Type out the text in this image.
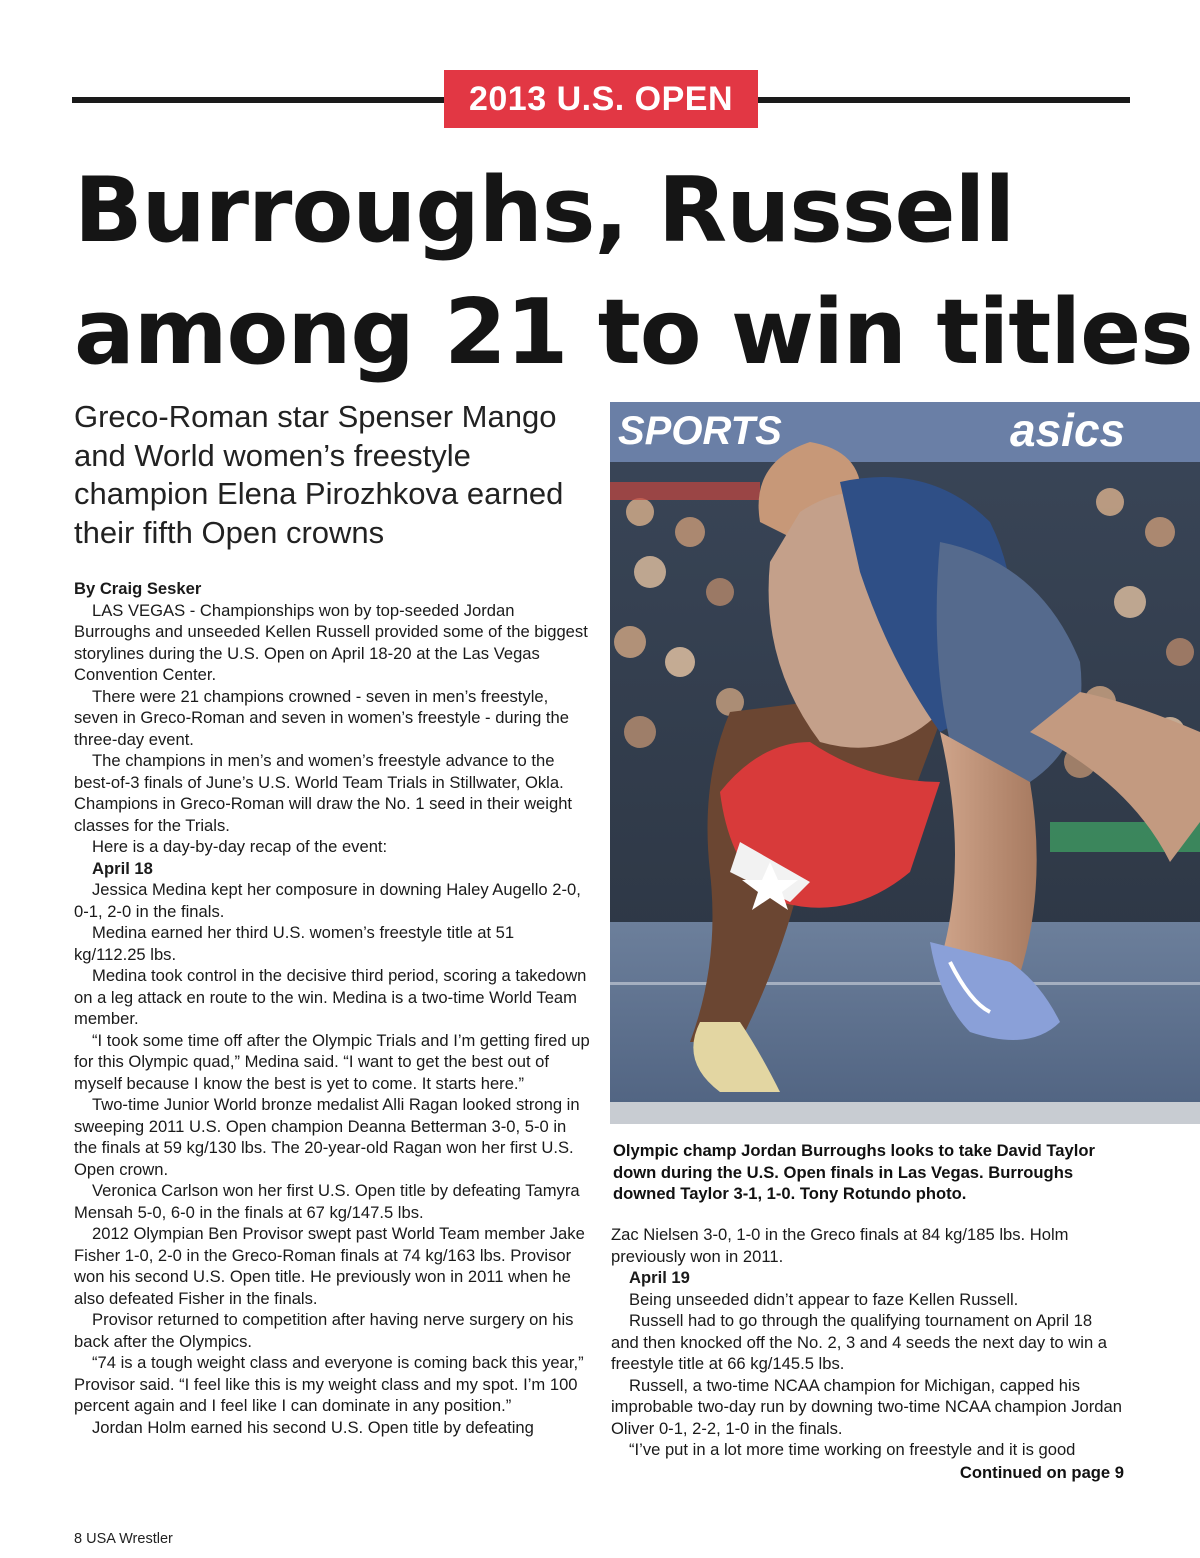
2013 U.S. OPEN
Burroughs, Russell
among 21 to win titles

Greco-Roman star Spenser Mango and World women’s freestyle champion Elena Pirozhkova earned their fifth Open crowns

By Craig Sesker

LAS VEGAS - Championships won by top-seeded Jordan Burroughs and unseeded Kellen Russell provided some of the biggest storylines during the U.S. Open on April 18-20 at the Las Vegas Convention Center.

There were 21 champions crowned - seven in men’s freestyle, seven in Greco-Roman and seven in women’s freestyle - during the three-day event.

The champions in men’s and women’s freestyle advance to the best-of-3 finals of June’s U.S. World Team Trials in Stillwater, Okla. Champions in Greco-Roman will draw the No. 1 seed in their weight classes for the Trials.

Here is a day-by-day recap of the event:

April 18

Jessica Medina kept her composure in downing Haley Augello 2-0, 0-1, 2-0 in the finals.

Medina earned her third U.S. women’s freestyle title at 51 kg/112.25 lbs.

Medina took control in the decisive third period, scoring a takedown on a leg attack en route to the win. Medina is a two-time World Team member.

“I took some time off after the Olympic Trials and I’m getting fired up for this Olympic quad,” Medina said. “I want to get the best out of myself because I know the best is yet to come. It starts here.”

Two-time Junior World bronze medalist Alli Ragan looked strong in sweeping 2011 U.S. Open champion Deanna Betterman 3-0, 5-0 in the finals at 59 kg/130 lbs. The 20-year-old Ragan won her first U.S. Open crown.

Veronica Carlson won her first U.S. Open title by defeating Tamyra Mensah 5-0, 6-0 in the finals at 67 kg/147.5 lbs.

2012 Olympian Ben Provisor swept past World Team member Jake Fisher 1-0, 2-0 in the Greco-Roman finals at 74 kg/163 lbs. Provisor won his second U.S. Open title. He previously won in 2011 when he also defeated Fisher in the finals.

Provisor returned to competition after having nerve surgery on his back after the Olympics.

“74 is a tough weight class and everyone is coming back this year,” Provisor said. “I feel like this is my weight class and my spot. I’m 100 percent again and I feel like I can dominate in any position.”

Jordan Holm earned his second U.S. Open title by defeating

SPORTS	asics
Olympic champ Jordan Burroughs looks to take David Taylor down during the U.S. Open finals in Las Vegas. Burroughs downed Taylor 3-1, 1-0. Tony Rotundo photo.

Zac Nielsen 3-0, 1-0 in the Greco finals at 84 kg/185 lbs. Holm previously won in 2011.

April 19

Being unseeded didn’t appear to faze Kellen Russell.

Russell had to go through the qualifying tournament on April 18 and then knocked off the No. 2, 3 and 4 seeds the next day to win a freestyle title at 66 kg/145.5 lbs.

Russell, a two-time NCAA champion for Michigan, capped his improbable two-day run by downing two-time NCAA champion Jordan Oliver 0-1, 2-2, 1-0 in the finals.

“I’ve put in a lot more time working on freestyle and it is good

Continued on page 9
8 USA Wrestler
